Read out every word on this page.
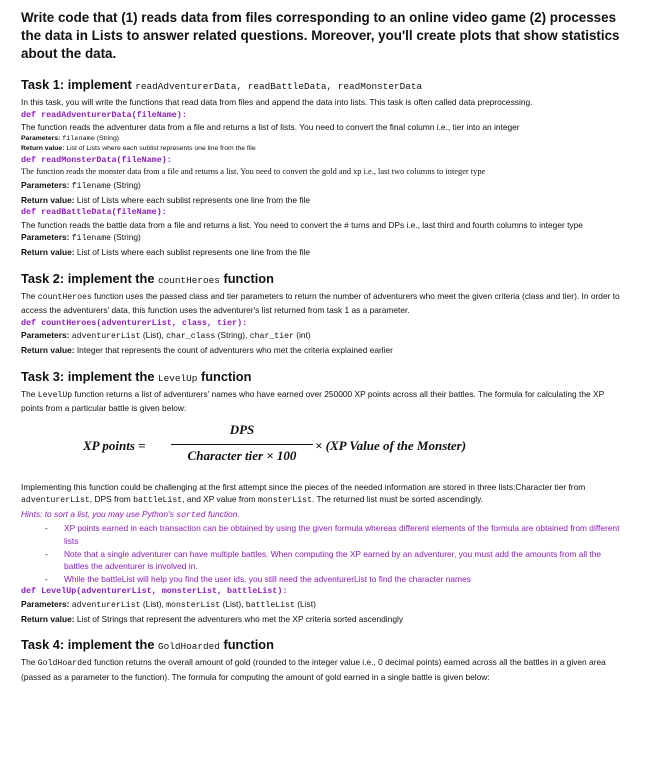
Write code that (1) reads data from files corresponding to an online video game (2) processes the data in Lists to answer related questions. Moreover, you'll create plots that show statistics about the data.
Task 1: implement readAdventurerData, readBattleData, readMonsterData

In this task, you will write the functions that read data from files and append the data into lists. This task is often called data preprocessing.

def readAdventurerData(fileName):

The function reads the adventurer data from a file and returns a list of lists. You need to convert the final column i.e., tier into an integer

Parameters: filename (String)

Return value: List of Lists where each sublist represents one line from the file

def readMonsterData(fileName):

The function reads the monster data from a file and returns a list. You need to convert the gold and xp i.e., last two columns to integer type

Parameters: filename (String)

Return value: List of Lists where each sublist represents one line from the file

def readBattleData(fileName):

The function reads the battle data from a file and returns a list. You need to convert the # turns and DPs i.e., last third and fourth columns to integer type

Parameters: filename (String)

Return value: List of Lists where each sublist represents one line from the file

Task 2: implement the countHeroes function

The countHeroes function uses the passed class and tier parameters to return the number of adventurers who meet the given criteria (class and tier). In order to access the adventurers' data, this function uses the adventurer's list returned from task 1 as a parameter.

def countHeroes(adventurerList, class, tier):

Parameters: adventurerList (List), char_class (String), char_tier (int)

Return value: Integer that represents the count of adventurers who met the criteria explained earlier

Task 3: implement the LevelUp function

The LevelUp function returns a list of adventurers' names who have earned over 250000 XP points across all their battles. The formula for calculating the XP points from a particular battle is given below:

XP points =
DPS
Character tier × 100
× (XP Value of the Monster)

Implementing this function could be challenging at the first attempt since the pieces of the needed information are stored in three lists:Character tier from adventurerList, DPS from battleList, and XP value from monsterList. The returned list must be sorted ascendingly.

Hints: to sort a list, you may use Python's sorted function.

- XP points earned in each transaction can be obtained by using the given formula whereas different elements of the formula are obtained from different lists
- Note that a single adventurer can have multiple battles. When computing the XP earned by an adventurer, you must add the amounts from all the battles the adventurer is involved in.
- While the battleList will help you find the user ids, you still need the adventurerList to find the character names
def LevelUp(adventurerList, monsterList, battleList):

Parameters: adventurerList (List), monsterList (List), battleList (List)

Return value: List of Strings that represent the adventurers who met the XP criteria sorted ascendingly

Task 4: implement the GoldHoarded function

The GoldHoarded function returns the overall amount of gold (rounded to the integer value i.e., 0 decimal points) earned across all the battles in a given area (passed as a parameter to the function). The formula for computing the amount of gold earned in a single battle is given below:
